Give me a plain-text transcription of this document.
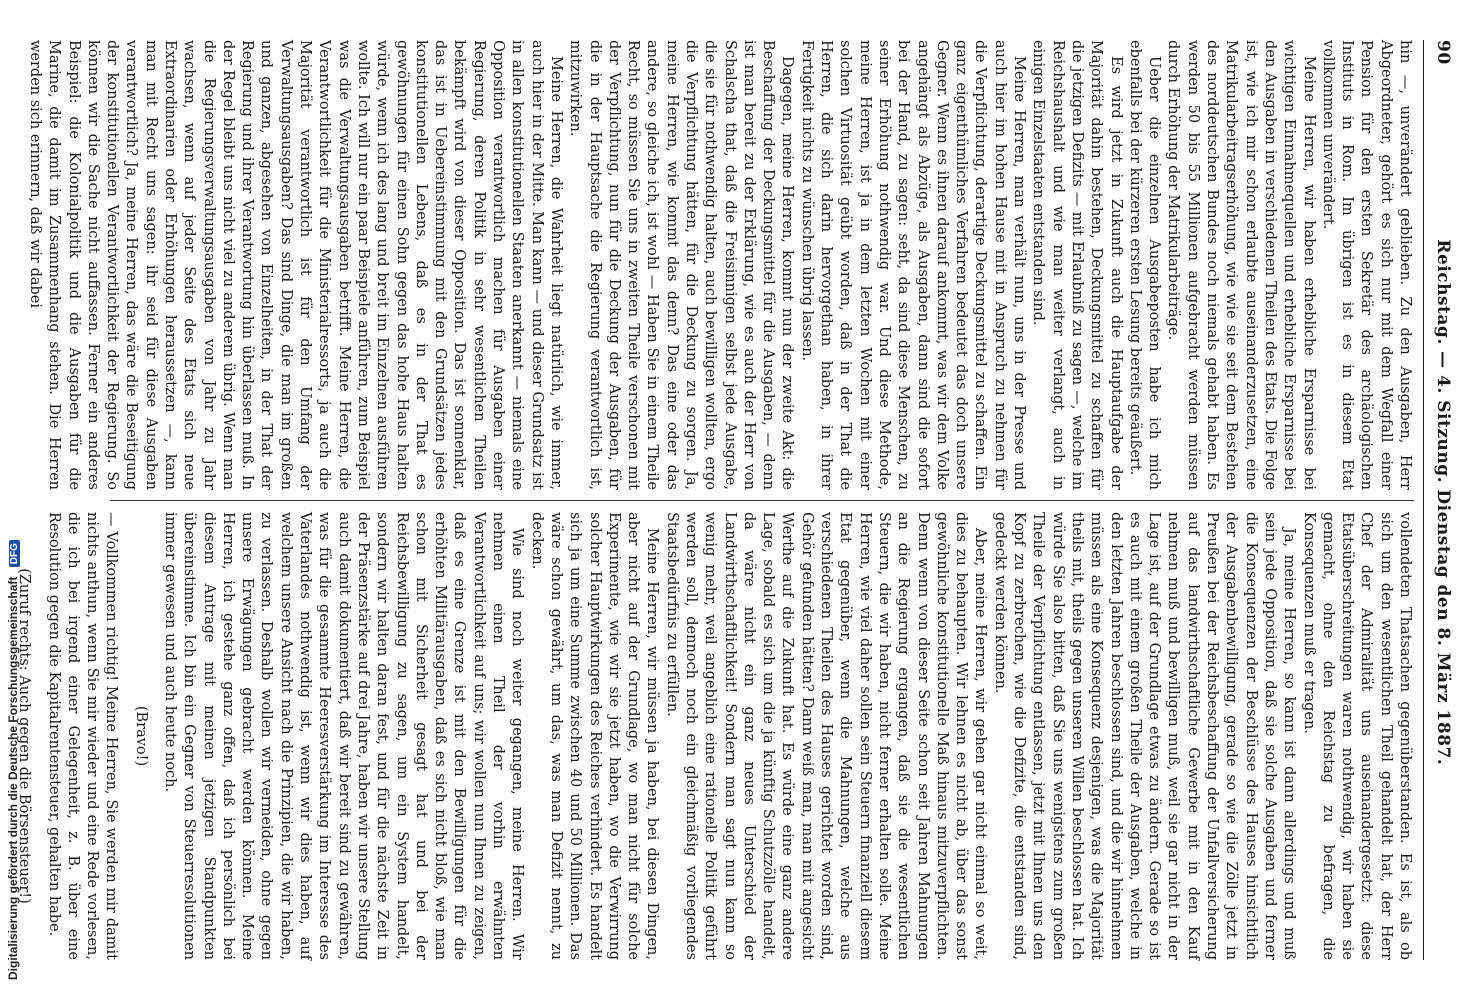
90
Reichstag. — 4. Sitzung. Dienstag den 8. März 1887.

hin —, unverändert geblieben. Zu den Ausgaben, Herr Abgeordneter, gehört es sich nur mit dem Wegfall einer Pension für den ersten Sekretär des archäologischen Instituts in Rom. Im übrigen ist es in diesem Etat vollkommen unverändert.

Meine Herren, wir haben erhebliche Ersparnisse bei wichtigen Einnahmequellen und erhebliche Ersparnisse bei den Ausgaben in verschiedenen Theilen des Etats. Die Folge ist, wie ich mir schon erlaubte auseinanderzusetzen, eine Matrikularbeitragserhöhung, wie wie sie seit dem Bestehen des norddeutschen Bundes noch niemals gehabt haben. Es werden 50 bis 55 Millionen aufgebracht werden müssen durch Erhöhung der Matrikularbeiträge.

Ueber die einzelnen Ausgabeposten habe ich mich ebenfalls bei der kürzeren ersten Lesung bereits geäußert.

Es wird jetzt in Zukunft auch die Hauptaufgabe der Majorität dahin bestehen, Deckungsmittel zu schaffen für die jetzigen Defizits — mit Erlaubniß zu sagen —, welche im Reichshaushalt und wie man weiter verlangt, auch in einigen Einzelstaaten entstanden sind.

Meine Herren, man verhält nun, uns in der Presse und auch hier im hohen Hause mit in Anspruch zu nehmen für die Verpflichtung, derartige Deckungsmittel zu schaffen. Ein ganz eigenthümliches Verfahren bedeutet das doch unsere Gegner. Wenn es ihnen darauf ankommt, was wir dem Volke angehängt als Abzüge, als Ausgaben, dann sind die sofort bei der Hand, zu sagen: seht, da sind diese Menschen, zu seiner Erhöhung nothwendig war. Und diese Methode, meine Herren, ist ja in dem letzten Wochen mit einer solchen Virtuosität geübt worden, daß in der That die Herren, die sich darin hervorgethan haben, in ihrer Fertigkeit nichts zu wünschen übrig lassen.

Dagegen, meine Herren, kommt nun der zweite Akt: die Beschaffung der Deckungsmittel für die Ausgaben, — denn ist man bereit zu der Erklärung, wie es auch der Herr von Schalscha that, daß die Freisinnigen selbst jede Ausgabe, die sie für nothwendig halten, auch bewilligen wollten, ergo die Verpflichtung hätten, für die Deckung zu sorgen. Ja, meine Herren, wie kommt das denn? Das eine oder das andere, so gleiche ich, ist wohl — Haben Sie in einem Theile Recht, so müssen Sie uns in zweiten Theile verschonen mit der Verpflichtung, nun für die Deckung der Ausgaben, für die in der Hauptsache die Regierung verantwortlich ist, mitzuwirken.

Meine Herren, die Wahrheit liegt natürlich, wie immer, auch hier in der Mitte. Man kann — und dieser Grundsatz ist in allen konstitutionellen Staaten anerkannt — niemals eine Opposition verantwortlich machen für Ausgaben einer Regierung, deren Politik in sehr wesentlichen Theilen bekämpft wird von dieser Opposition. Das ist sonnenklar, das ist in Uebereinstimmung mit den Grundsätzen jedes konstitutionellen Lebens, daß es in der That es gewöhnungen für einen Sohn gegen das hohe Haus halten würde, wenn ich des lang und breit im Einzelnen ausführen wollte. Ich will nur ein paar Beispiele anführen, zum Beispiel was die Verwaltungsausgaben betrifft. Meine Herren, die Verantwortlichkeit für die Ministerialressorts, ja auch die Majorität verantwortlich ist für den Umfang der Verwaltungsausgaben? Das sind Dinge, die man im großen und ganzen, abgesehen von Einzelheiten, in der That der Regierung und ihrer Verantwortung hin überlassen muß. In der Regel bleibt uns nicht viel zu anderem übrig. Wenn man die Regierungsverwaltungsausgaben von Jahr zu Jahr wachsen, wenn auf jeder Seite des Etats sich neue Extraordinarien oder Erhöhungen heraussetzen —, kann man mit Recht uns sagen: ihr seid für diese Ausgaben verantwortlich? Ja, meine Herren, das wäre die Beseitigung der konstitutionellen Verantwortlichkeit der Regierung. So können wir die Sache nicht auffassen. Ferner ein anderes Beispiel: die Kolonialpolitik und die Ausgaben für die Marine, die damit im Zusammenhang stehen. Die Herren werden sich erinnern, daß wir dabei

vollendeten Thatsachen gegenüberstanden. Es ist, als ob sich um den wesentlichen Theil gehandelt hat, der Herr Chef der Admiralität uns auseinandergesetzt: diese Etatsüberschreitungen waren nothwendig, wir haben sie gemacht, ohne den Reichstag zu befragen, die Konsequenzen muß er tragen.

Ja, meine Herren, so kann ist dann allerdings und muß sein jede Opposition, daß sie solche Ausgaben und ferner die Konsequenzen der Beschlüsse des Hauses hinsichtlich der Ausgabenbewilligung, gerade so wie die Zölle jetzt in Preußen bei der Reichsbeschaffung der Unfallversicherung auf das landwirthschaftliche Gewerbe mit in den Kauf nehmen muß und bewilligen muß, weil sie gar nicht in der Lage ist, auf der Grundlage etwas zu ändern. Gerade so ist es auch mit einem großen Theile der Ausgaben, welche in den letzten Jahren beschlossen sind, und die wir hinnehmen müssen als eine Konsequenz desjenigen, was die Majorität theils mit, theils gegen unseren Willen beschlossen hat. Ich würde Sie also bitten, daß Sie uns wenigstens zum großen Theile der Verpflichtung entlassen, jetzt mit Ihnen uns den Kopf zu zerbrechen, wie die Defizite, die entstanden sind, gedeckt werden können.

Aber, meine Herren, wir gehen gar nicht einmal so weit, dies zu behaupten. Wir lehnen es nicht ab, über das sonst gewöhnliche konstitutionelle Maß hinaus mitzuverpflichten. Denn wenn von dieser Seite schon seit Jahren Mahnungen an die Regierung ergangen, daß sie die wesentlichen Steuern, die wir haben, nicht ferner erhalten solle. Meine Herren, wie viel daher sollen sein Steuern finanziell diesem Etat gegenüber, wenn die Mahnungen, welche aus verschiedenen Theilen des Hauses gerichtet worden sind, Gehör gefunden hätten? Dann weiß man, man mit angesicht Werthe auf die Zukunft hat. Es würde eine ganz andere Lage, sobald es sich um die ja künftig Schutzzölle handelt, da wäre nicht ein ganz neues Unterschied der Landwirthschaftlichkeit! Sondern man sagt nun kann so wenig mehr, weil angeblich eine rationelle Politik geführt werden soll, dennoch noch ein gleichmäßig vorliegendes Staatsbedürfnis zu erfüllen.

Meine Herren, wir müssen ja haben, bei diesen Dingen, aber nicht auf der Grundlage, wo man nicht für solche Experimente, wie wir sie jetzt haben, wo die Verwirrung solcher Hauptwirkungen des Reiches verhindert. Es handelt sich ja um eine Summe zwischen 40 und 50 Millionen. Das wäre schon gewährt, um das, was man Defizit nennt, zu decken.

Wie sind noch weiter gegangen, meine Herren. Wir nehmen einen Theil der vorhin erwähnten Verantwortlichkeit auf uns; wir wollen nun Ihnen zu zeigen, daß es eine Grenze ist mit den Bewilligungen für die erhöhten Militärausgaben, daß es sich nicht bloß, wie man schon mit Sicherheit gesagt hat und bei der Reichsbewilligung zu sagen, um ein System handelt, sondern wir halten daran fest, und für die nächste Zeit in der Präsenzstärke auf drei Jahre, haben wir unsere Stellung auch damit dokumentiert, daß wir bereit sind zu gewähren, was für die gesammte Heeresverstärkung im Interesse des Vaterlandes nothwendig ist, wenn wir dies haben, auf welchem unsere Ansicht nach die Prinzipien, die wir haben, zu verlassen. Deshalb wollen wir vermeiden, ohne gegen unsere Erwägungen gebracht werden können. Meine Herren, ich gestehe ganz offen, daß ich persönlich bei diesem Antrage mit meinen jetzigen Standpunkten übereinstimme. Ich bin ein Gegner von Steuerresolutionen immer gewesen und auch heute noch.

(Bravo!)

— Vollkommen richtig! Meine Herren, Sie werden mir damit nichts anthun, wenn Sie mir wieder und eine Rede vorlesen, die ich bei irgend einer Gelegenheit, z. B. über eine Resolution gegen die Kapitalrentensteuer, gehalten habe.

(Zuruf rechts: Auch gegen die Börsensteuer!)

Digitalisierung gefördert durch die Deutsche Forschungsgemeinschaft DFG
